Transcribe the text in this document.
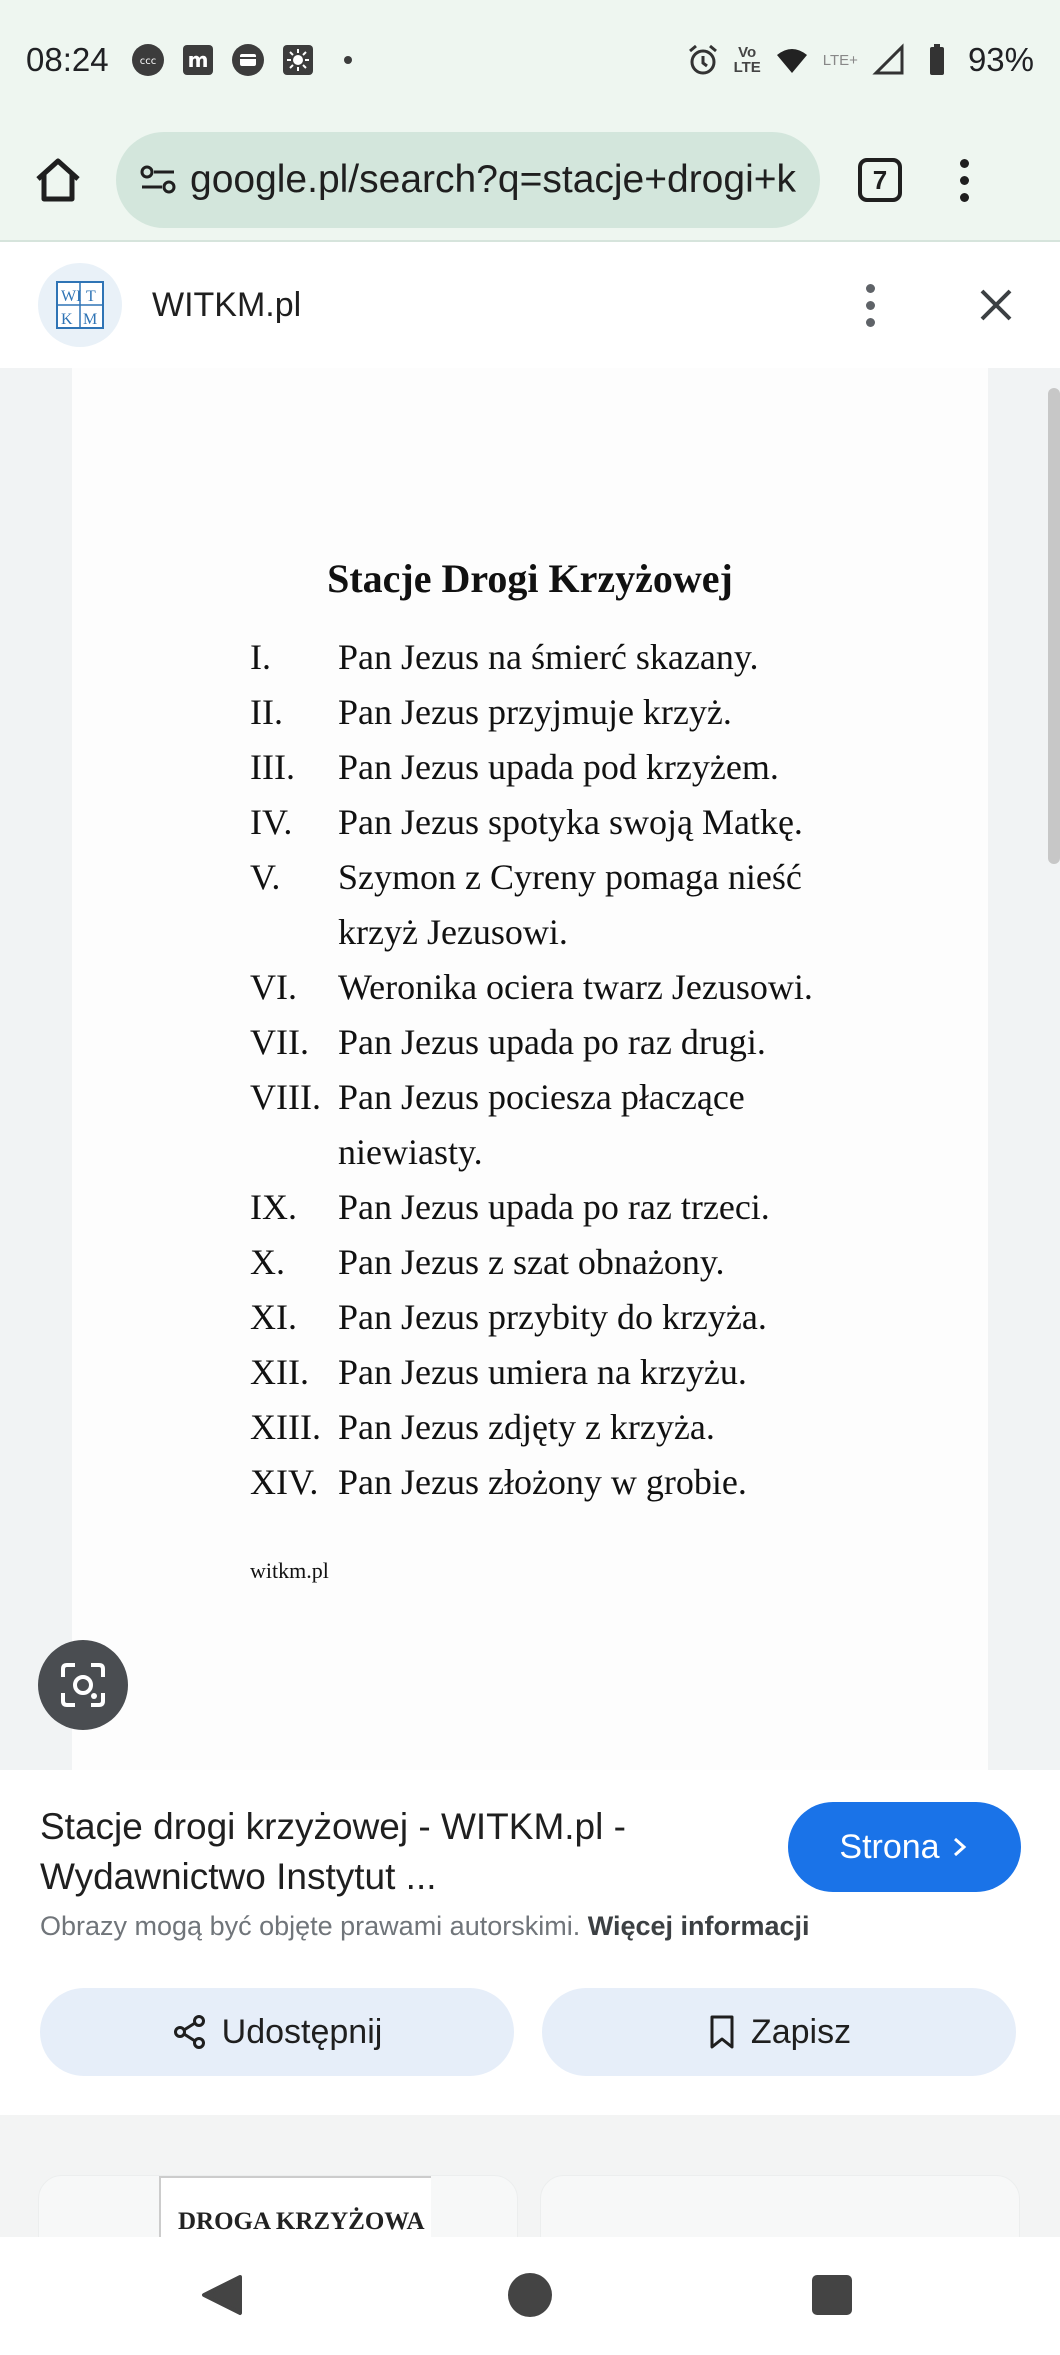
08:24	ccc m	Vo
LTE	LTE+	93%
google.pl/search?q=stacje+drogi+k	7
WI T
K M WITKM.pl
Stacje Drogi Krzyżowej
I.	Pan Jezus na śmierć skazany.
II.	Pan Jezus przyjmuje krzyż.
III.	Pan Jezus upada pod krzyżem.
IV.	Pan Jezus spotyka swoją Matkę.
V.	Szymon z Cyreny pomaga nieść krzyż Jezusowi.
VI.	Weronika ociera twarz Jezusowi.
VII. Pan Jezus upada po raz drugi.
VIII. Pan Jezus pociesza płaczące niewiasty.
IX.	Pan Jezus upada po raz trzeci.
X.	Pan Jezus z szat obnażony.
XI.	Pan Jezus przybity do krzyża.
XII. Pan Jezus umiera na krzyżu.
XIII. Pan Jezus zdjęty z krzyża.
XIV. Pan Jezus złożony w grobie.
witkm.pl
Stacje drogi krzyżowej - WITKM.pl - Wydawnictwo Instytut ...
Strona
Obrazy mogą być objęte prawami autorskimi. Więcej informacji
Udostępnij	Zapisz
DROGA KRZYŻOWA
